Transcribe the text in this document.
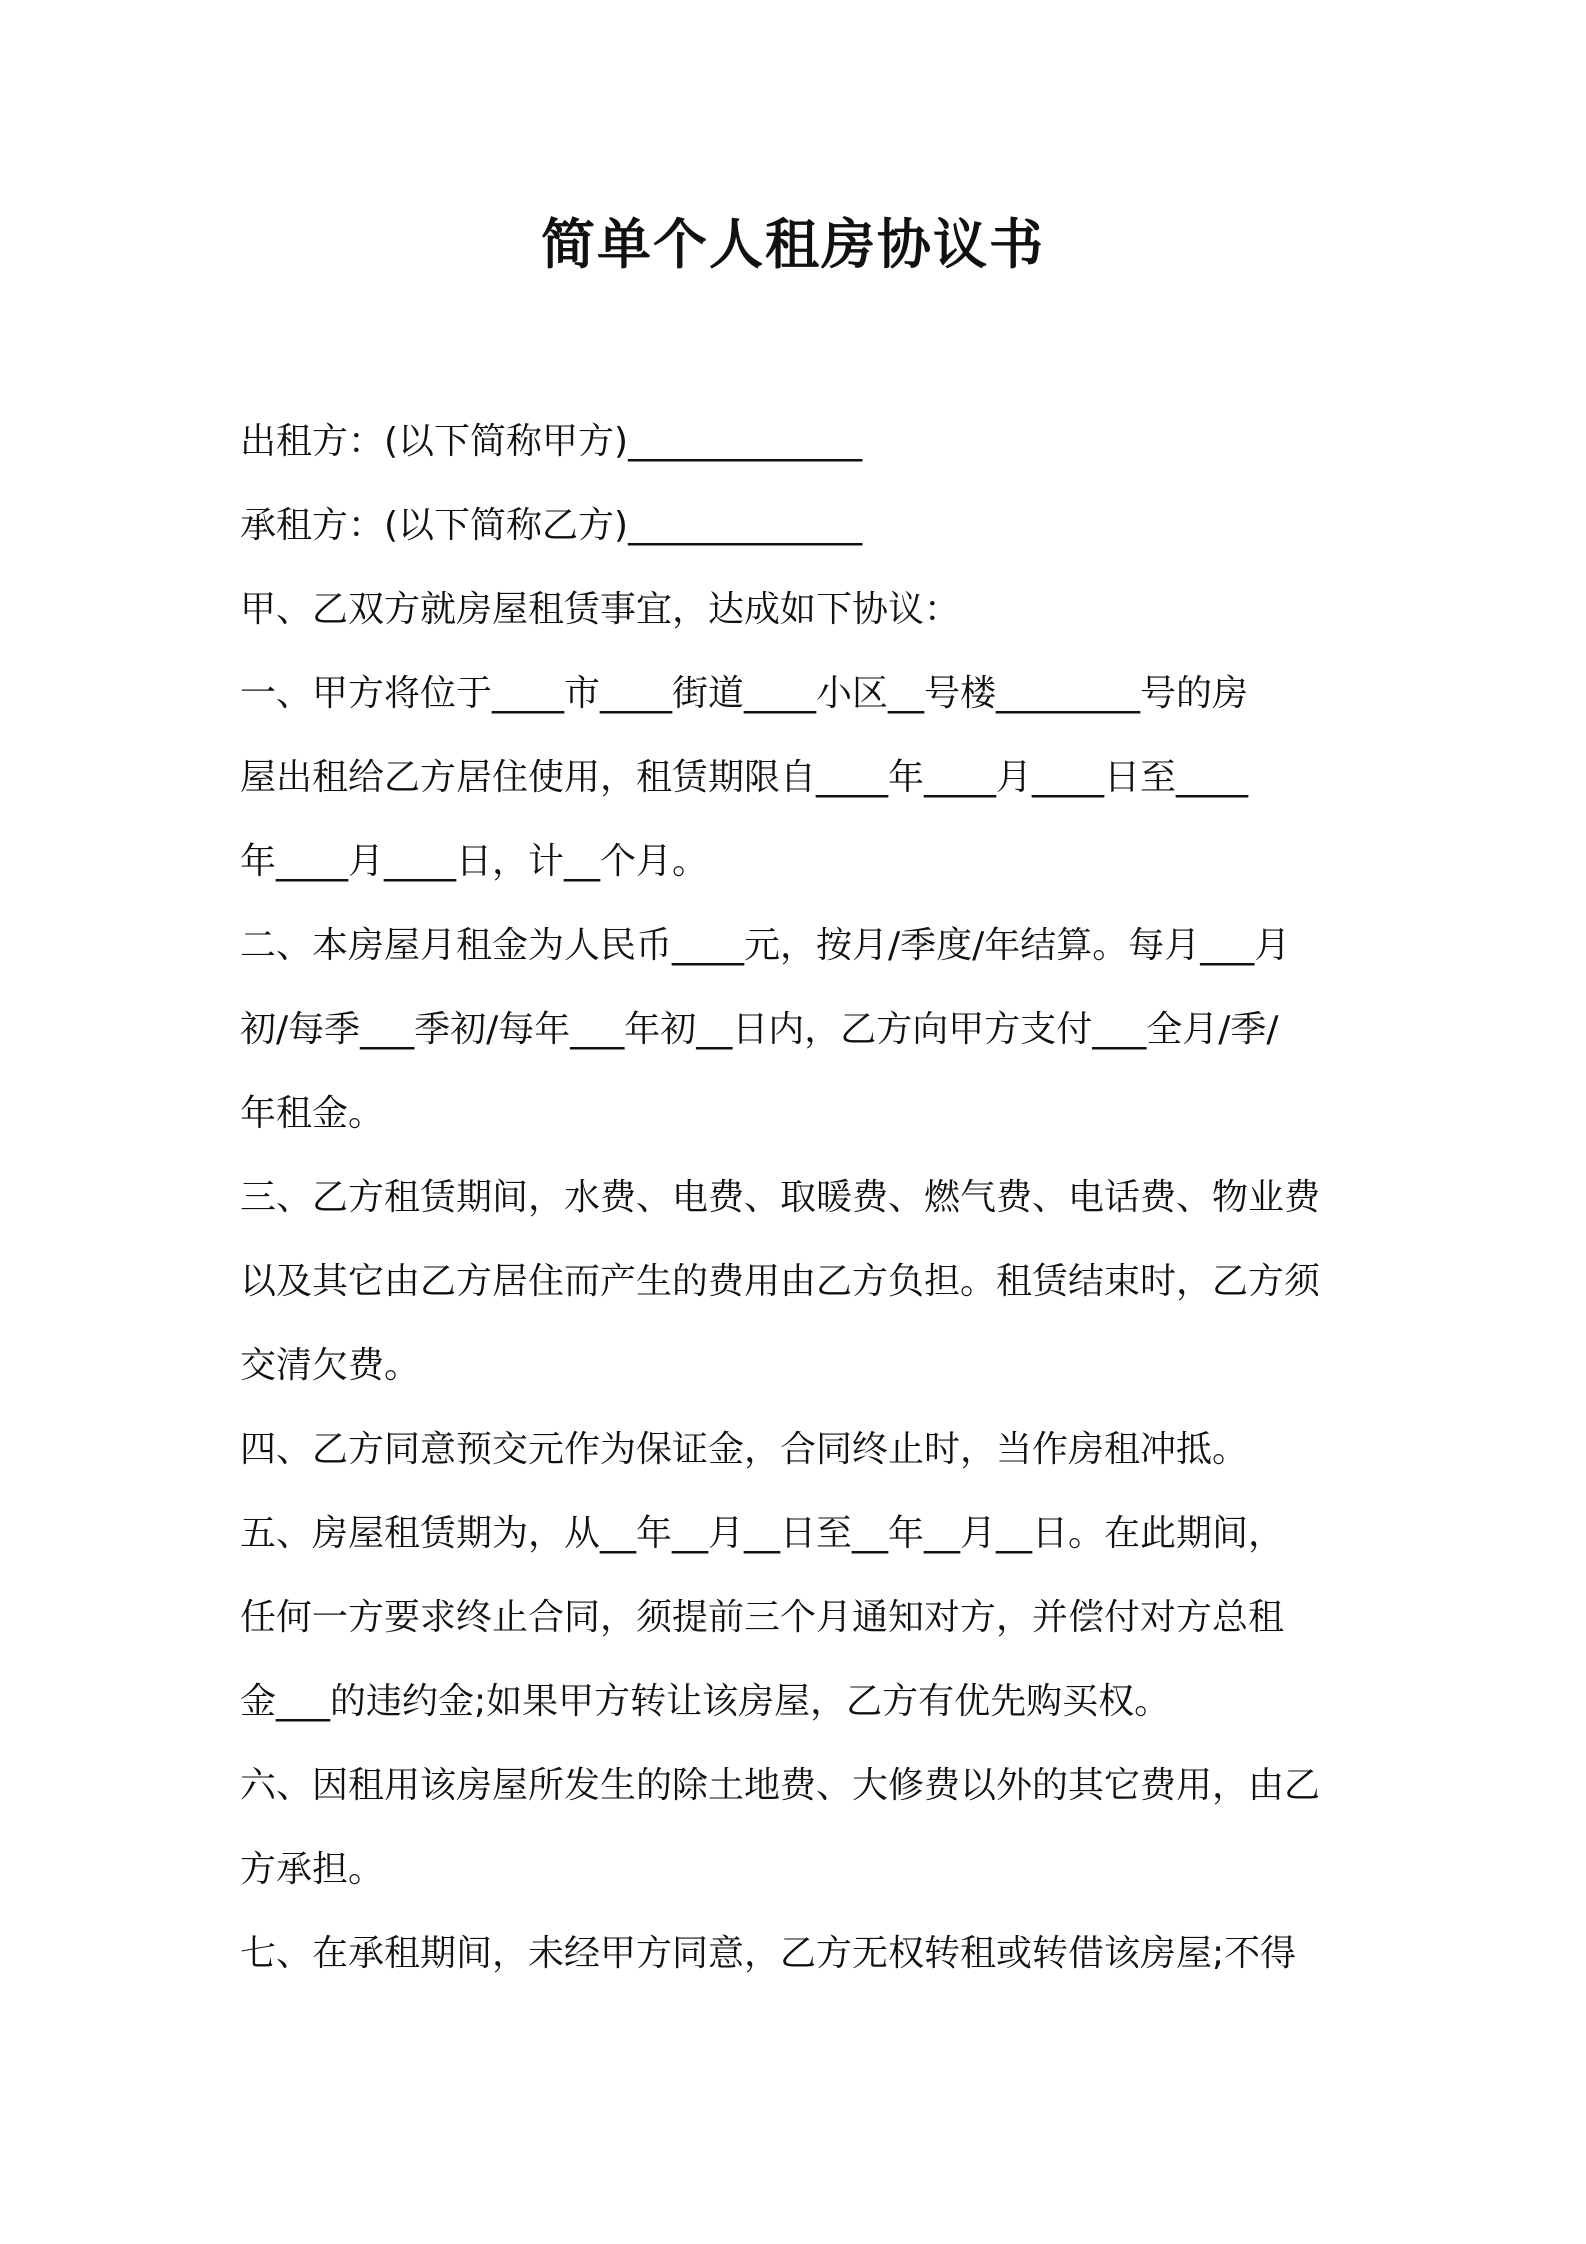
简单个人租房协议书
出租方：(以下简称甲方)_____________
承租方：(以下简称乙方)_____________
甲、乙双方就房屋租赁事宜，达成如下协议：
一、甲方将位于____市____街道____小区__号楼________号的房
屋出租给乙方居住使用，租赁期限自____年____月____日至____
年____月____日，计__个月。
二、本房屋月租金为人民币____元，按月/季度/年结算。每月___月
初/每季___季初/每年___年初__日内，乙方向甲方支付___全月/季/
年租金。
三、乙方租赁期间，水费、电费、取暖费、燃气费、电话费、物业费
以及其它由乙方居住而产生的费用由乙方负担。租赁结束时，乙方须
交清欠费。
四、乙方同意预交元作为保证金，合同终止时，当作房租冲抵。
五、房屋租赁期为，从__年__月__日至__年__月__日。在此期间，
任何一方要求终止合同，须提前三个月通知对方，并偿付对方总租
金___的违约金;如果甲方转让该房屋，乙方有优先购买权。
六、因租用该房屋所发生的除土地费、大修费以外的其它费用，由乙
方承担。
七、在承租期间，未经甲方同意，乙方无权转租或转借该房屋;不得
